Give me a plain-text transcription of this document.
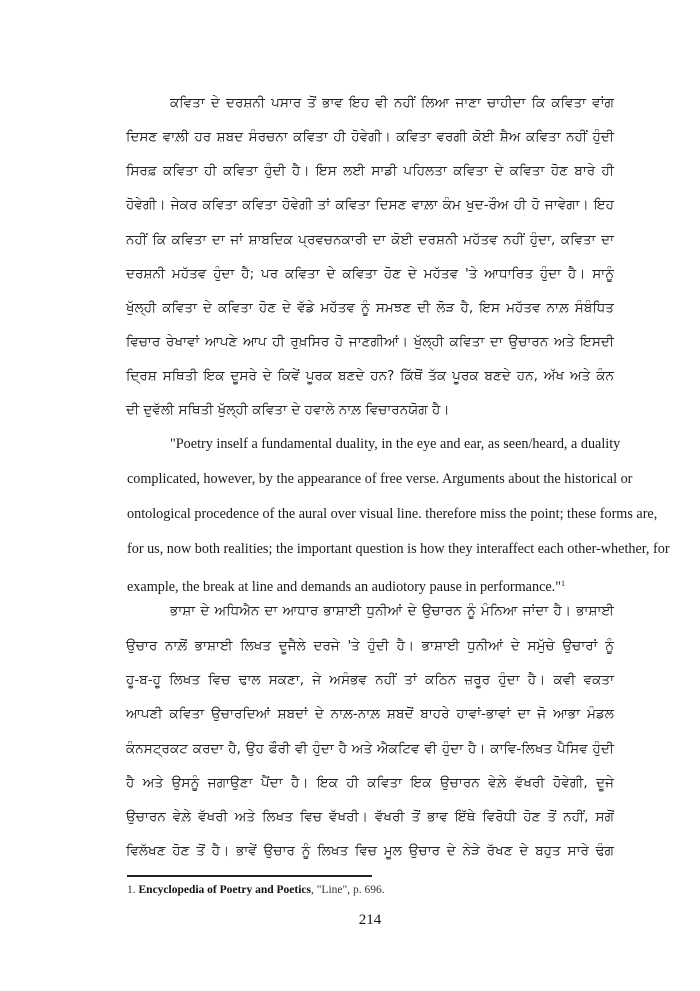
ਕਵਿਤਾ ਦੇ ਦਰਸ਼ਨੀ ਪਸਾਰ ਤੋਂ ਭਾਵ ਇਹ ਵੀ ਨਹੀਂ ਲਿਆ ਜਾਣਾ ਚਾਹੀਦਾ ਕਿ ਕਵਿਤਾ ਵਾਂਗ
ਦਿਸਣ ਵਾਲ਼ੀ ਹਰ ਸ਼ਬਦ ਸੰਰਚਨਾ ਕਵਿਤਾ ਹੀ ਹੋਵੇਗੀ। ਕਵਿਤਾ ਵਰਗੀ ਕੋਈ ਸ਼ੈਅ ਕਵਿਤਾ ਨਹੀਂ ਹੁੰਦੀ
ਸਿਰਫ਼ ਕਵਿਤਾ ਹੀ ਕਵਿਤਾ ਹੁੰਦੀ ਹੈ। ਇਸ ਲਈ ਸਾਡੀ ਪਹਿਲਤਾ ਕਵਿਤਾ ਦੇ ਕਵਿਤਾ ਹੋਣ ਬਾਰੇ ਹੀ
ਹੋਵੇਗੀ। ਜੇਕਰ ਕਵਿਤਾ ਕਵਿਤਾ ਹੋਵੇਗੀ ਤਾਂ ਕਵਿਤਾ ਦਿਸਣ ਵਾਲ਼ਾ ਕੰਮ ਖੁਦ-ਰੌਅ ਹੀ ਹੋ ਜਾਵੇਗਾ। ਇਹ
ਨਹੀਂ ਕਿ ਕਵਿਤਾ ਦਾ ਜਾਂ ਸ਼ਾਬਦਿਕ ਪ੍ਰਵਚਨਕਾਰੀ ਦਾ ਕੋਈ ਦਰਸ਼ਨੀ ਮਹੱਤਵ ਨਹੀਂ ਹੁੰਦਾ, ਕਵਿਤਾ ਦਾ
ਦਰਸ਼ਨੀ ਮਹੱਤਵ ਹੁੰਦਾ ਹੈ; ਪਰ ਕਵਿਤਾ ਦੇ ਕਵਿਤਾ ਹੋਣ ਦੇ ਮਹੱਤਵ 'ਤੇ ਆਧਾਰਿਤ ਹੁੰਦਾ ਹੈ। ਸਾਨੂੰ
ਖੁੱਲ੍ਹੀ ਕਵਿਤਾ ਦੇ ਕਵਿਤਾ ਹੋਣ ਦੇ ਵੱਡੇ ਮਹੱਤਵ ਨੂੰ ਸਮਝਣ ਦੀ ਲੋੜ ਹੈ, ਇਸ ਮਹੱਤਵ ਨਾਲ਼ ਸੰਬੰਧਿਤ
ਵਿਚਾਰ ਰੇਖਾਵਾਂ ਆਪਣੇ ਆਪ ਹੀ ਰੁਖ਼ਸਿਰ ਹੋ ਜਾਣਗੀਆਂ। ਖੁੱਲ੍ਹੀ ਕਵਿਤਾ ਦਾ ਉਚਾਰਨ ਅਤੇ ਇਸਦੀ
ਦ੍ਰਿਸ਼ ਸਥਿਤੀ ਇਕ ਦੂਸਰੇ ਦੇ ਕਿਵੇਂ ਪੂਰਕ ਬਣਦੇ ਹਨ? ਕਿੱਥੋਂ ਤੱਕ ਪੂਰਕ ਬਣਦੇ ਹਨ, ਅੱਖ ਅਤੇ ਕੰਨ
ਦੀ ਦੁਵੱਲੀ ਸਥਿਤੀ ਖੁੱਲ੍ਹੀ ਕਵਿਤਾ ਦੇ ਹਵਾਲੇ ਨਾਲ਼ ਵਿਚਾਰਨਯੋਗ ਹੈ।
"Poetry inself a fundamental duality, in the eye and ear, as seen/heard, a duality
complicated, however, by the appearance of free verse. Arguments about the historical or
ontological procedence of the aural over visual line. therefore miss the point; these forms are,
for us, now both realities; the important question is how they interaffect each other-whether, for
example, the break at line and demands an audiotory pause in performance."$^1$
ਭਾਸ਼ਾ ਦੇ ਅਧਿਐਨ ਦਾ ਆਧਾਰ ਭਾਸ਼ਾਈ ਧੁਨੀਆਂ ਦੇ ਉਚਾਰਨ ਨੂੰ ਮੰਨਿਆ ਜਾਂਦਾ ਹੈ। ਭਾਸ਼ਾਈ
ਉਚਾਰ ਨਾਲ਼ੋਂ ਭਾਸ਼ਾਈ ਲਿਖਤ ਦੂਜੈਲੇ ਦਰਜੇ 'ਤੇ ਹੁੰਦੀ ਹੈ। ਭਾਸ਼ਾਈ ਧੁਨੀਆਂ ਦੇ ਸਮੁੱਚੇ ਉਚਾਰਾਂ ਨੂੰ
ਹੂ-ਬ-ਹੂ ਲਿਖਤ ਵਿਚ ਢਾਲ ਸਕਣਾ, ਜੇ ਅਸੰਭਵ ਨਹੀਂ ਤਾਂ ਕਠਿਨ ਜ਼ਰੂਰ ਹੁੰਦਾ ਹੈ। ਕਵੀ ਵਕਤਾ
ਆਪਣੀ ਕਵਿਤਾ ਉਚਾਰਦਿਆਂ ਸ਼ਬਦਾਂ ਦੇ ਨਾਲ਼-ਨਾਲ਼ ਸ਼ਬਦੋਂ ਬਾਹਰੇ ਹਾਵਾਂ-ਭਾਵਾਂ ਦਾ ਜੋ ਆਭਾ ਮੰਡਲ
ਕੰਨਸਟ੍ਰਕਟ ਕਰਦਾ ਹੈ, ਉਹ ਫੌਰੀ ਵੀ ਹੁੰਦਾ ਹੈ ਅਤੇ ਐਕਟਿਵ ਵੀ ਹੁੰਦਾ ਹੈ। ਕਾਵਿ-ਲਿਖਤ ਪੈਸਿਵ ਹੁੰਦੀ
ਹੈ ਅਤੇ ਉਸਨੂੰ ਜਗਾਉਣਾ ਪੈਂਦਾ ਹੈ। ਇਕ ਹੀ ਕਵਿਤਾ ਇਕ ਉਚਾਰਨ ਵੇਲ਼ੇ ਵੱਖਰੀ ਹੋਵੇਗੀ, ਦੂਜੇ
ਉਚਾਰਨ ਵੇਲ਼ੇ ਵੱਖਰੀ ਅਤੇ ਲਿਖਤ ਵਿਚ ਵੱਖਰੀ। ਵੱਖਰੀ ਤੋਂ ਭਾਵ ਇੱਥੇ ਵਿਰੋਧੀ ਹੋਣ ਤੋਂ ਨਹੀਂ, ਸਗੋਂ
ਵਿਲੱਖਣ ਹੋਣ ਤੋਂ ਹੈ। ਭਾਵੇਂ ਉਚਾਰ ਨੂੰ ਲਿਖਤ ਵਿਚ ਮੂਲ ਉਚਾਰ ਦੇ ਨੇੜੇ ਰੱਖਣ ਦੇ ਬਹੁਤ ਸਾਰੇ ਢੰਗ
1. Encyclopedia of Poetry and Poetics, "Line", p. 696.
214
